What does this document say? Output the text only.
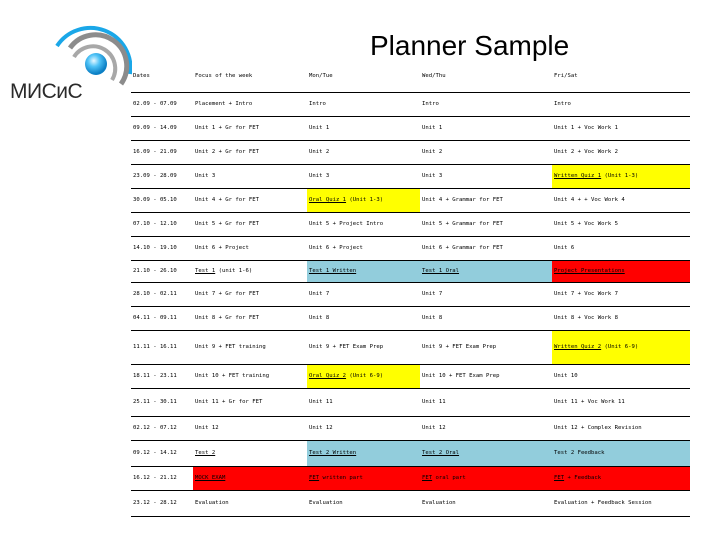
МИСиС
Planner Sample
Dates	Focus of the week	Mon/Tue	Wed/Thu	Fri/Sat
02.09 - 07.09	Placement + Intro	Intro	Intro	Intro
09.09 - 14.09	Unit 1 + Gr for FET	Unit 1	Unit 1	Unit 1 + Voc Work 1
16.09 - 21.09	Unit 2 + Gr for FET	Unit 2	Unit 2	Unit 2 + Voc Work 2
23.09 - 28.09	Unit 3	Unit 3	Unit 3	Written Quiz 1 (Unit 1-3)
30.09 - 05.10	Unit 4 + Gr for FET	Oral Quiz 1 (Unit 1-3)	Unit 4 + Grammar for FET	Unit 4 + + Voc Work 4
07.10 - 12.10	Unit 5 + Gr for FET	Unit 5 + Project Intro	Unit 5 + Grammar for FET	Unit 5 + Voc Work 5
14.10 - 19.10	Unit 6 + Project	Unit 6 + Project	Unit 6 + Grammar for FET	Unit 6
21.10 - 26.10	Test 1 (unit 1-6)	Test 1 Written	Test 1 Oral	Project Presentations
28.10 - 02.11	Unit 7 + Gr for FET	Unit 7	Unit 7	Unit 7 + Voc Work 7
04.11 - 09.11	Unit 8 + Gr for FET	Unit 8	Unit 8	Unit 8 + Voc Work 8
11.11 - 16.11	Unit 9 + FET training	Unit 9 + FET Exam Prep	Unit 9 + FET Exam Prep	Written Quiz 2 (Unit 6-9)
18.11 - 23.11	Unit 10 + FET training	Oral Quiz 2 (Unit 6-9)	Unit 10 + FET Exam Prep	Unit 10
25.11 - 30.11	Unit 11 + Gr for FET	Unit 11	Unit 11	Unit 11 + Voc Work 11
02.12 - 07.12	Unit 12	Unit 12	Unit 12	Unit 12 + Complex Revision
09.12 - 14.12	Test 2	Test 2 Written	Test 2 Oral	Test 2 Feedback
16.12 - 21.12	MOCK EXAM	FET written part	FET oral part	FET + Feedback
23.12 - 28.12	Evaluation	Evaluation	Evaluation	Evaluation + Feedback Session
